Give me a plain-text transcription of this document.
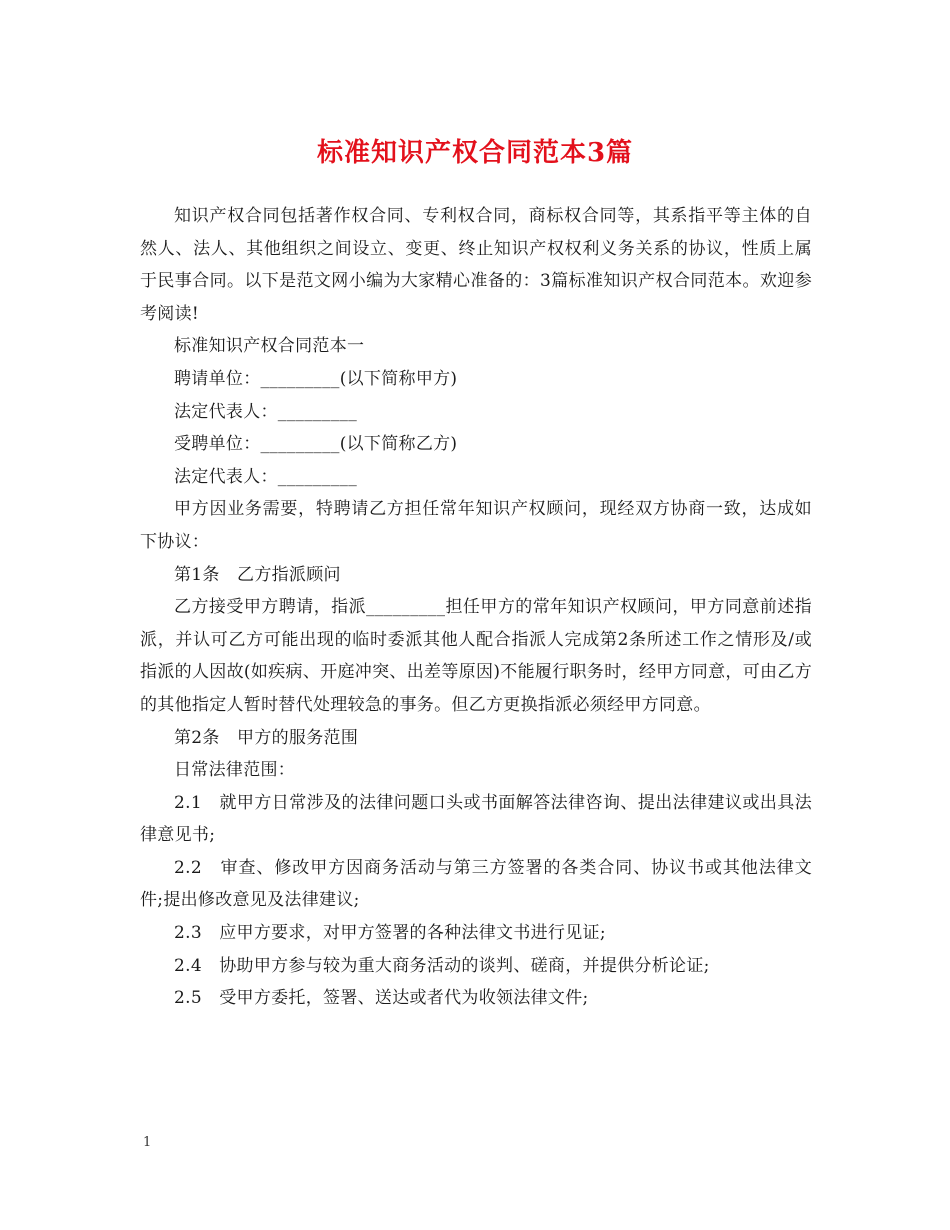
标准知识产权合同范本3篇

知识产权合同包括著作权合同、专利权合同，商标权合同等，其系指平等主体的自然人、法人、其他组织之间设立、变更、终止知识产权权利义务关系的协议，性质上属于民事合同。以下是范文网小编为大家精心准备的：3篇标准知识产权合同范本。欢迎参考阅读!

标准知识产权合同范本一

聘请单位：_________(以下简称甲方)

法定代表人：_________

受聘单位：_________(以下简称乙方)

法定代表人：_________

甲方因业务需要，特聘请乙方担任常年知识产权顾问，现经双方协商一致，达成如下协议：

第1条　乙方指派顾问

乙方接受甲方聘请，指派_________担任甲方的常年知识产权顾问，甲方同意前述指派，并认可乙方可能出现的临时委派其他人配合指派人完成第2条所述工作之情形及/或指派的人因故(如疾病、开庭冲突、出差等原因)不能履行职务时，经甲方同意，可由乙方的其他指定人暂时替代处理较急的事务。但乙方更换指派必须经甲方同意。

第2条　甲方的服务范围

日常法律范围：

2.1　就甲方日常涉及的法律问题口头或书面解答法律咨询、提出法律建议或出具法律意见书;

2.2　审查、修改甲方因商务活动与第三方签署的各类合同、协议书或其他法律文件;提出修改意见及法律建议;

2.3　应甲方要求，对甲方签署的各种法律文书进行见证;

2.4　协助甲方参与较为重大商务活动的谈判、磋商，并提供分析论证;

2.5　受甲方委托，签署、送达或者代为收领法律文件;

1
